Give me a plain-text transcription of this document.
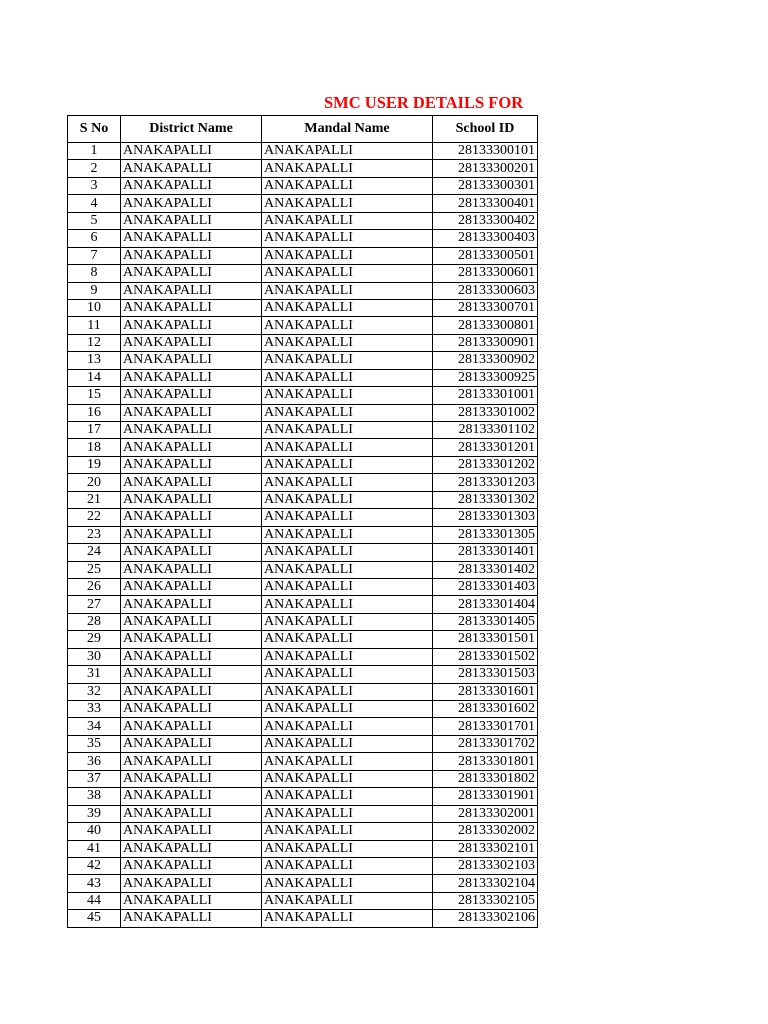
SMC USER DETAILS FOR
S No	District Name	Mandal Name	School ID
1	ANAKAPALLI	ANAKAPALLI	28133300101
2	ANAKAPALLI	ANAKAPALLI	28133300201
3	ANAKAPALLI	ANAKAPALLI	28133300301
4	ANAKAPALLI	ANAKAPALLI	28133300401
5	ANAKAPALLI	ANAKAPALLI	28133300402
6	ANAKAPALLI	ANAKAPALLI	28133300403
7	ANAKAPALLI	ANAKAPALLI	28133300501
8	ANAKAPALLI	ANAKAPALLI	28133300601
9	ANAKAPALLI	ANAKAPALLI	28133300603
10	ANAKAPALLI	ANAKAPALLI	28133300701
11	ANAKAPALLI	ANAKAPALLI	28133300801
12	ANAKAPALLI	ANAKAPALLI	28133300901
13	ANAKAPALLI	ANAKAPALLI	28133300902
14	ANAKAPALLI	ANAKAPALLI	28133300925
15	ANAKAPALLI	ANAKAPALLI	28133301001
16	ANAKAPALLI	ANAKAPALLI	28133301002
17	ANAKAPALLI	ANAKAPALLI	28133301102
18	ANAKAPALLI	ANAKAPALLI	28133301201
19	ANAKAPALLI	ANAKAPALLI	28133301202
20	ANAKAPALLI	ANAKAPALLI	28133301203
21	ANAKAPALLI	ANAKAPALLI	28133301302
22	ANAKAPALLI	ANAKAPALLI	28133301303
23	ANAKAPALLI	ANAKAPALLI	28133301305
24	ANAKAPALLI	ANAKAPALLI	28133301401
25	ANAKAPALLI	ANAKAPALLI	28133301402
26	ANAKAPALLI	ANAKAPALLI	28133301403
27	ANAKAPALLI	ANAKAPALLI	28133301404
28	ANAKAPALLI	ANAKAPALLI	28133301405
29	ANAKAPALLI	ANAKAPALLI	28133301501
30	ANAKAPALLI	ANAKAPALLI	28133301502
31	ANAKAPALLI	ANAKAPALLI	28133301503
32	ANAKAPALLI	ANAKAPALLI	28133301601
33	ANAKAPALLI	ANAKAPALLI	28133301602
34	ANAKAPALLI	ANAKAPALLI	28133301701
35	ANAKAPALLI	ANAKAPALLI	28133301702
36	ANAKAPALLI	ANAKAPALLI	28133301801
37	ANAKAPALLI	ANAKAPALLI	28133301802
38	ANAKAPALLI	ANAKAPALLI	28133301901
39	ANAKAPALLI	ANAKAPALLI	28133302001
40	ANAKAPALLI	ANAKAPALLI	28133302002
41	ANAKAPALLI	ANAKAPALLI	28133302101
42	ANAKAPALLI	ANAKAPALLI	28133302103
43	ANAKAPALLI	ANAKAPALLI	28133302104
44	ANAKAPALLI	ANAKAPALLI	28133302105
45	ANAKAPALLI	ANAKAPALLI	28133302106
